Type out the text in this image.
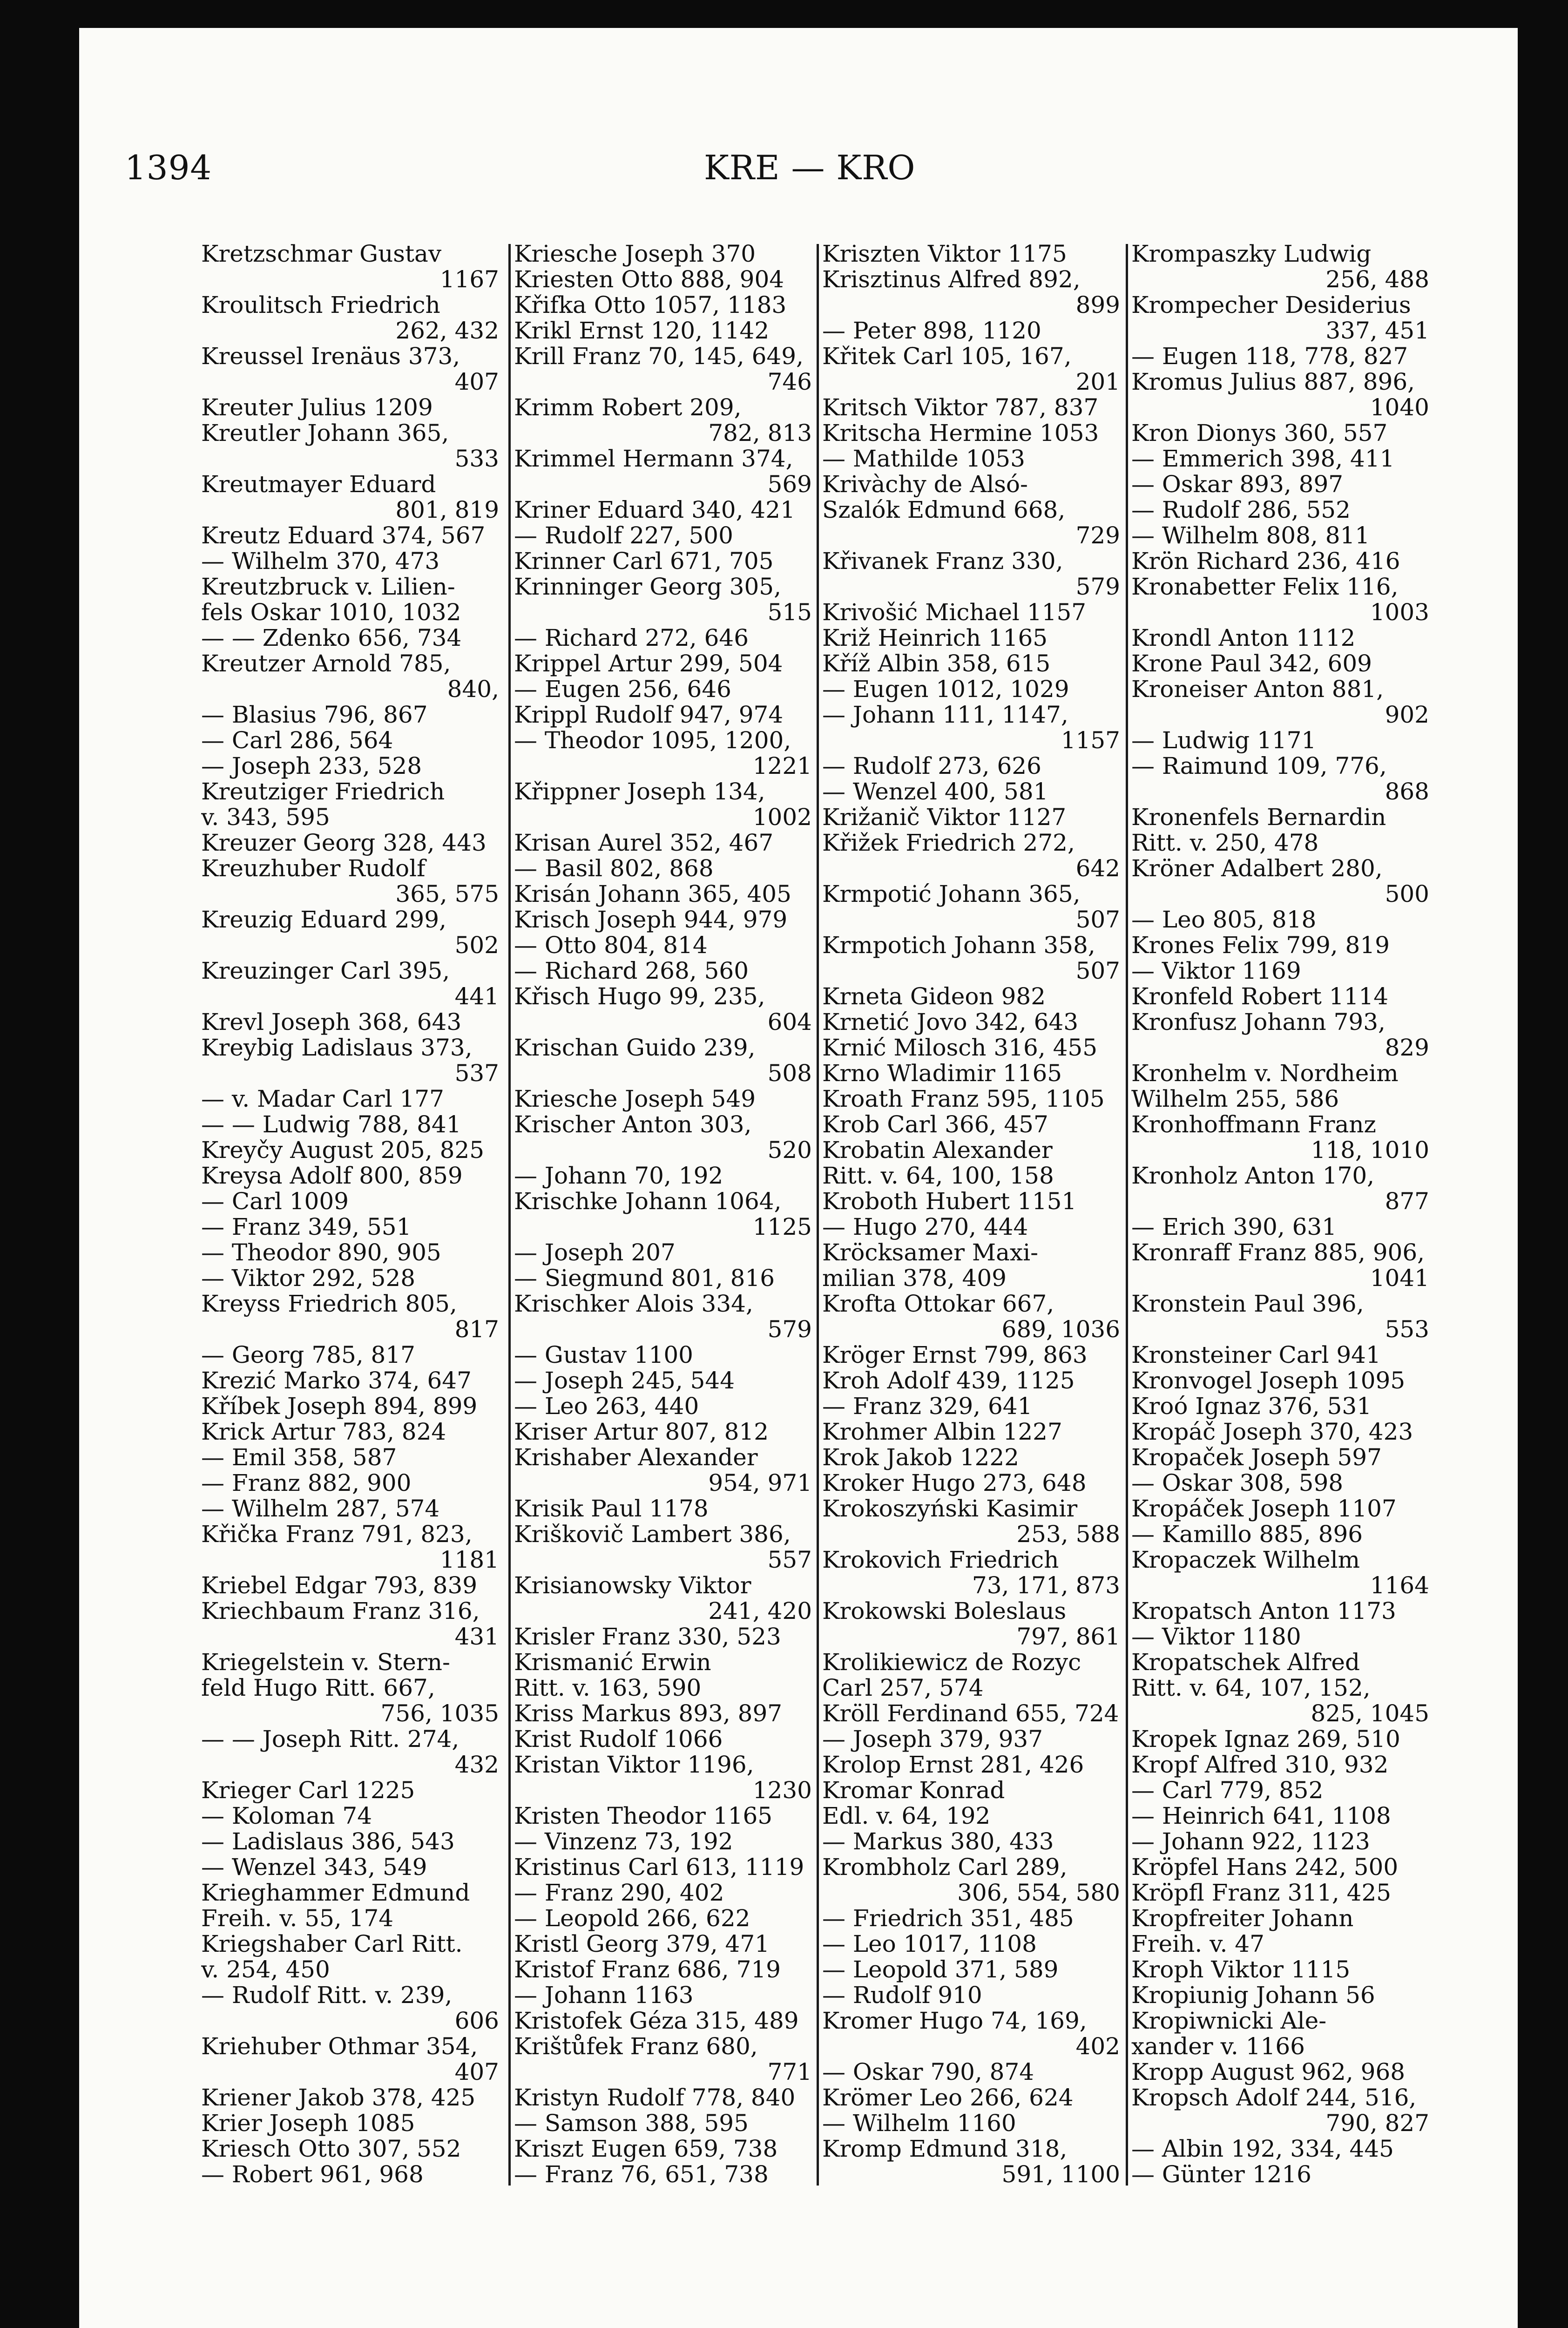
1394	KRE — KRO
Kretzschmar Gustav
1167
Kroulitsch Friedrich
262, 432
Kreussel Irenäus 373,
407
Kreuter Julius 1209
Kreutler Johann 365,
533
Kreutmayer Eduard
801, 819
Kreutz Eduard 374, 567
— Wilhelm 370, 473
Kreutzbruck v. Lilien-
fels Oskar 1010, 1032
— — Zdenko 656, 734
Kreutzer Arnold 785,
840,
— Blasius 796, 867
— Carl 286, 564
— Joseph 233, 528
Kreutziger Friedrich
v. 343, 595
Kreuzer Georg 328, 443
Kreuzhuber Rudolf
365, 575
Kreuzig Eduard 299,
502
Kreuzinger Carl 395,
441
Krevl Joseph 368, 643
Kreybig Ladislaus 373,
537
— v. Madar Carl 177
— — Ludwig 788, 841
Kreyčy August 205, 825
Kreysa Adolf 800, 859
— Carl 1009
— Franz 349, 551
— Theodor 890, 905
— Viktor 292, 528
Kreyss Friedrich 805,
817
— Georg 785, 817
Krezić Marko 374, 647
Kříbek Joseph 894, 899
Krick Artur 783, 824
— Emil 358, 587
— Franz 882, 900
— Wilhelm 287, 574
Křička Franz 791, 823,
1181
Kriebel Edgar 793, 839
Kriechbaum Franz 316,
431
Kriegelstein v. Stern-
feld Hugo Ritt. 667,
756, 1035
— — Joseph Ritt. 274,
432
Krieger Carl 1225
— Koloman 74
— Ladislaus 386, 543
— Wenzel 343, 549
Krieghammer Edmund
Freih. v. 55, 174
Kriegshaber Carl Ritt.
v. 254, 450
— Rudolf Ritt. v. 239,
606
Kriehuber Othmar 354,
407
Kriener Jakob 378, 425
Krier Joseph 1085
Kriesch Otto 307, 552
— Robert 961, 968
Kriesche Joseph 370
Kriesten Otto 888, 904
Křifka Otto 1057, 1183
Krikl Ernst 120, 1142
Krill Franz 70, 145, 649,
746
Krimm Robert 209,
782, 813
Krimmel Hermann 374,
569
Kriner Eduard 340, 421
— Rudolf 227, 500
Krinner Carl 671, 705
Krinninger Georg 305,
515
— Richard 272, 646
Krippel Artur 299, 504
— Eugen 256, 646
Krippl Rudolf 947, 974
— Theodor 1095, 1200,
1221
Křippner Joseph 134,
1002
Krisan Aurel 352, 467
— Basil 802, 868
Krisán Johann 365, 405
Krisch Joseph 944, 979
— Otto 804, 814
— Richard 268, 560
Křisch Hugo 99, 235,
604
Krischan Guido 239,
508
Kriesche Joseph 549
Krischer Anton 303,
520
— Johann 70, 192
Krischke Johann 1064,
1125
— Joseph 207
— Siegmund 801, 816
Krischker Alois 334,
579
— Gustav 1100
— Joseph 245, 544
— Leo 263, 440
Kriser Artur 807, 812
Krishaber Alexander
954, 971
Krisik Paul 1178
Kriškovič Lambert 386,
557
Krisianowsky Viktor
241, 420
Krisler Franz 330, 523
Krismanić Erwin
Ritt. v. 163, 590
Kriss Markus 893, 897
Krist Rudolf 1066
Kristan Viktor 1196,
1230
Kristen Theodor 1165
— Vinzenz 73, 192
Kristinus Carl 613, 1119
— Franz 290, 402
— Leopold 266, 622
Kristl Georg 379, 471
Kristof Franz 686, 719
— Johann 1163
Kristofek Géza 315, 489
Krištůfek Franz 680,
771
Kristyn Rudolf 778, 840
— Samson 388, 595
Kriszt Eugen 659, 738
— Franz 76, 651, 738
Kriszten Viktor 1175
Krisztinus Alfred 892,
899
— Peter 898, 1120
Křitek Carl 105, 167,
201
Kritsch Viktor 787, 837
Kritscha Hermine 1053
— Mathilde 1053
Krivàchy de Alsó-
Szalók Edmund 668,
729
Křivanek Franz 330,
579
Krivošić Michael 1157
Križ Heinrich 1165
Kříž Albin 358, 615
— Eugen 1012, 1029
— Johann 111, 1147,
1157
— Rudolf 273, 626
— Wenzel 400, 581
Križanič Viktor 1127
Křižek Friedrich 272,
642
Krmpotić Johann 365,
507
Krmpotich Johann 358,
507
Krneta Gideon 982
Krnetić Jovo 342, 643
Krnić Milosch 316, 455
Krno Wladimir 1165
Kroath Franz 595, 1105
Krob Carl 366, 457
Krobatin Alexander
Ritt. v. 64, 100, 158
Kroboth Hubert 1151
— Hugo 270, 444
Kröcksamer Maxi-
milian 378, 409
Krofta Ottokar 667,
689, 1036
Kröger Ernst 799, 863
Kroh Adolf 439, 1125
— Franz 329, 641
Krohmer Albin 1227
Krok Jakob 1222
Kroker Hugo 273, 648
Krokoszyński Kasimir
253, 588
Krokovich Friedrich
73, 171, 873
Krokowski Boleslaus
797, 861
Krolikiewicz de Rozyc
Carl 257, 574
Kröll Ferdinand 655, 724
— Joseph 379, 937
Krolop Ernst 281, 426
Kromar Konrad
Edl. v. 64, 192
— Markus 380, 433
Krombholz Carl 289,
306, 554, 580
— Friedrich 351, 485
— Leo 1017, 1108
— Leopold 371, 589
— Rudolf 910
Kromer Hugo 74, 169,
402
— Oskar 790, 874
Krömer Leo 266, 624
— Wilhelm 1160
Kromp Edmund 318,
591, 1100
Krompaszky Ludwig
256, 488
Krompecher Desiderius
337, 451
— Eugen 118, 778, 827
Kromus Julius 887, 896,
1040
Kron Dionys 360, 557
— Emmerich 398, 411
— Oskar 893, 897
— Rudolf 286, 552
— Wilhelm 808, 811
Krön Richard 236, 416
Kronabetter Felix 116,
1003
Krondl Anton 1112
Krone Paul 342, 609
Kroneiser Anton 881,
902
— Ludwig 1171
— Raimund 109, 776,
868
Kronenfels Bernardin
Ritt. v. 250, 478
Kröner Adalbert 280,
500
— Leo 805, 818
Krones Felix 799, 819
— Viktor 1169
Kronfeld Robert 1114
Kronfusz Johann 793,
829
Kronhelm v. Nordheim
Wilhelm 255, 586
Kronhoffmann Franz
118, 1010
Kronholz Anton 170,
877
— Erich 390, 631
Kronraff Franz 885, 906,
1041
Kronstein Paul 396,
553
Kronsteiner Carl 941
Kronvogel Joseph 1095
Kroó Ignaz 376, 531
Kropáč Joseph 370, 423
Kropaček Joseph 597
— Oskar 308, 598
Kropáček Joseph 1107
— Kamillo 885, 896
Kropaczek Wilhelm
1164
Kropatsch Anton 1173
— Viktor 1180
Kropatschek Alfred
Ritt. v. 64, 107, 152,
825, 1045
Kropek Ignaz 269, 510
Kropf Alfred 310, 932
— Carl 779, 852
— Heinrich 641, 1108
— Johann 922, 1123
Kröpfel Hans 242, 500
Kröpfl Franz 311, 425
Kropfreiter Johann
Freih. v. 47
Kroph Viktor 1115
Kropiunig Johann 56
Kropiwnicki Ale-
xander v. 1166
Kropp August 962, 968
Kropsch Adolf 244, 516,
790, 827
— Albin 192, 334, 445
— Günter 1216
